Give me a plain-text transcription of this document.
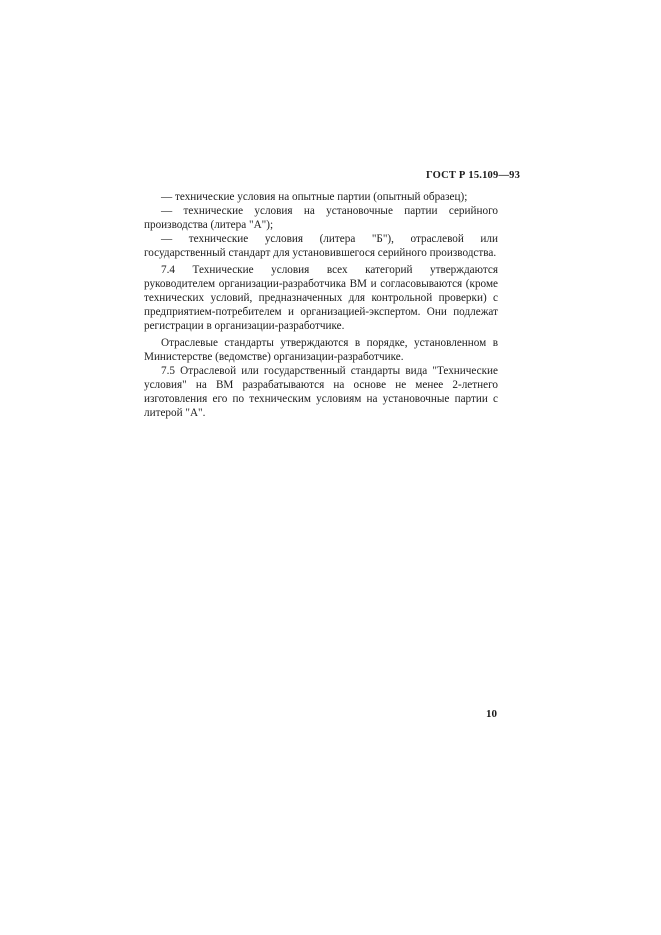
ГОСТ Р 15.109—93

— технические условия на опытные партии (опытный образец);

— технические условия на установочные партии серийного производства (литера "А");

— технические условия (литера "Б"), отраслевой или государственный стандарт для установившегося серийного производства.

7.4 Технические условия всех категорий утверждаются руководителем организации-разработчика ВМ и согласовываются (кроме технических условий, предназначенных для контрольной проверки) с предприятием-потребителем и организацией-экспертом. Они подлежат регистрации в организации-разработчике.

Отраслевые стандарты утверждаются в порядке, установленном в Министерстве (ведомстве) организации-разработчике.

7.5 Отраслевой или государственный стандарты вида "Технические условия" на ВМ разрабатываются на основе не менее 2-летнего изготовления его по техническим условиям на установочные партии с литерой "А".

10
